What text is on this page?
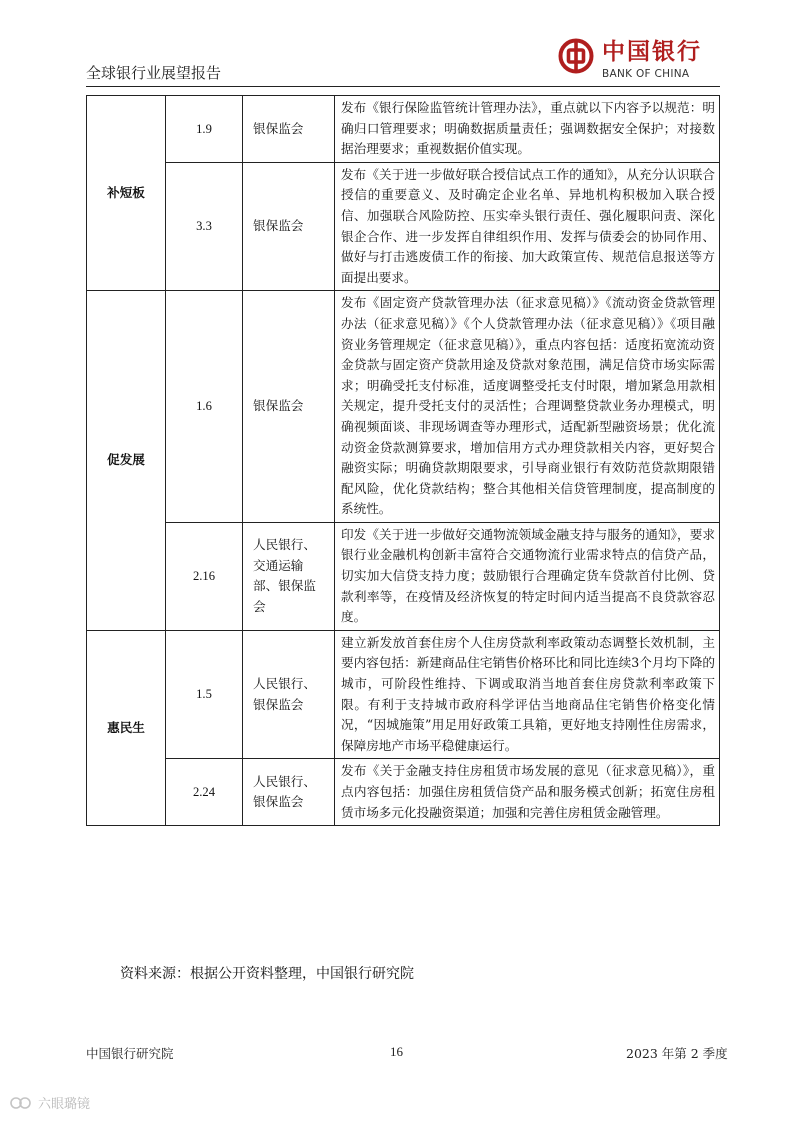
全球银行业展望报告
中国银行
BANK OF CHINA
补短板	1.9	银保监会	发布《银行保险监管统计管理办法》，重点就以下内容予以规范：明确归口管理要求；明确数据质量责任；强调数据安全保护；对接数据治理要求；重视数据价值实现。
	3.3	银保监会	发布《关于进一步做好联合授信试点工作的通知》，从充分认识联合授信的重要意义、及时确定企业名单、异地机构积极加入联合授信、加强联合风险防控、压实牵头银行责任、强化履职问责、深化银企合作、进一步发挥自律组织作用、发挥与债委会的协同作用、做好与打击逃废债工作的衔接、加大政策宣传、规范信息报送等方面提出要求。
促发展	1.6	银保监会	发布《固定资产贷款管理办法（征求意见稿）》《流动资金贷款管理办法（征求意见稿）》《个人贷款管理办法（征求意见稿）》《项目融资业务管理规定（征求意见稿）》，重点内容包括：适度拓宽流动资金贷款与固定资产贷款用途及贷款对象范围，满足信贷市场实际需求；明确受托支付标准，适度调整受托支付时限，增加紧急用款相关规定，提升受托支付的灵活性；合理调整贷款业务办理模式，明确视频面谈、非现场调查等办理形式，适配新型融资场景；优化流动资金贷款测算要求，增加信用方式办理贷款相关内容，更好契合融资实际；明确贷款期限要求，引导商业银行有效防范贷款期限错配风险，优化贷款结构；整合其他相关信贷管理制度，提高制度的系统性。
	2.16	人民银行、交通运输部、银保监会	印发《关于进一步做好交通物流领域金融支持与服务的通知》，要求银行业金融机构创新丰富符合交通物流行业需求特点的信贷产品，切实加大信贷支持力度；鼓励银行合理确定货车贷款首付比例、贷款利率等，在疫情及经济恢复的特定时间内适当提高不良贷款容忍度。
惠民生	1.5	人民银行、银保监会	建立新发放首套住房个人住房贷款利率政策动态调整长效机制，主要内容包括：新建商品住宅销售价格环比和同比连续3个月均下降的城市，可阶段性维持、下调或取消当地首套住房贷款利率政策下限。有利于支持城市政府科学评估当地商品住宅销售价格变化情况，“因城施策”用足用好政策工具箱，更好地支持刚性住房需求，保障房地产市场平稳健康运行。
	2.24	人民银行、银保监会	发布《关于金融支持住房租赁市场发展的意见（征求意见稿）》，重点内容包括：加强住房租赁信贷产品和服务模式创新；拓宽住房租赁市场多元化投融资渠道；加强和完善住房租赁金融管理。
资料来源：根据公开资料整理，中国银行研究院
中国银行研究院	16	2023 年第 2 季度
六眼璐镜
